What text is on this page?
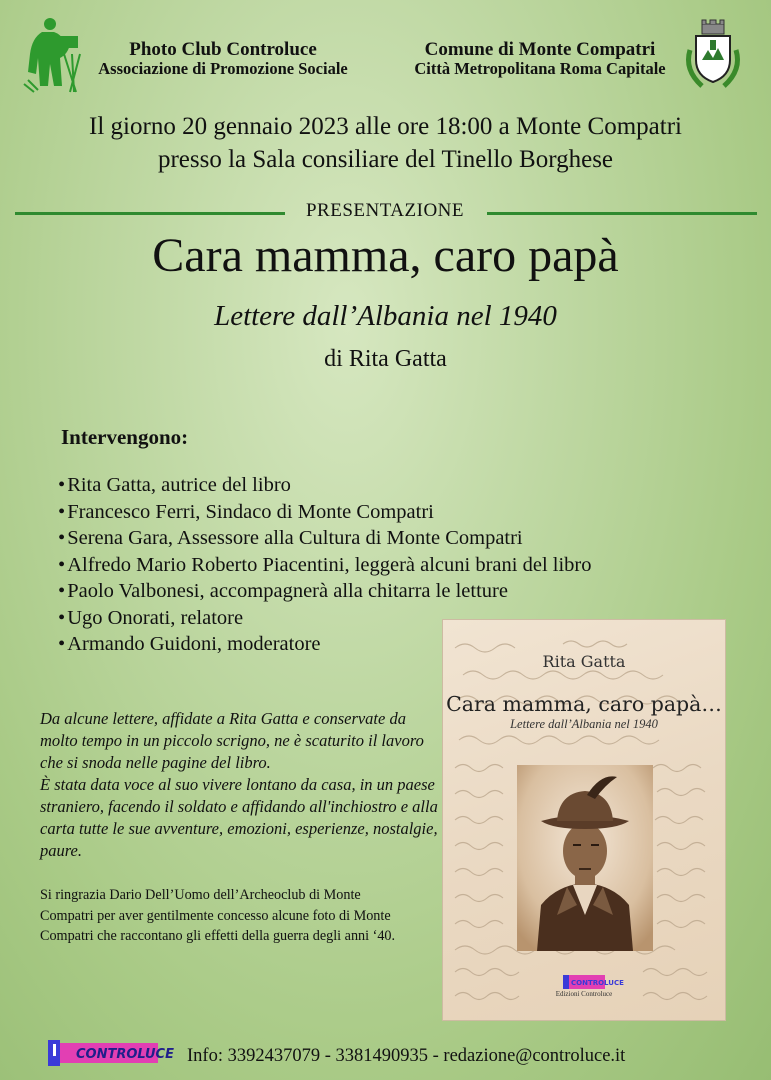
Photo Club Controluce
Associazione di Promozione Sociale
Comune di Monte Compatri
Città Metropolitana Roma Capitale
Il giorno 20 gennaio 2023 alle ore 18:00 a Monte Compatri
presso la Sala consiliare del Tinello Borghese
PRESENTAZIONE
Cara mamma, caro papà
Lettere dall’Albania nel 1940
di Rita Gatta
Intervengono:
• Rita Gatta, autrice del libro
• Francesco Ferri, Sindaco di Monte Compatri
• Serena Gara, Assessore alla Cultura di Monte Compatri
• Alfredo Mario Roberto Piacentini, leggerà alcuni brani del libro
• Paolo Valbonesi, accompagnerà alla chitarra le letture
• Ugo Onorati, relatore
• Armando Guidoni, moderatore

Da alcune lettere, affidate a Rita Gatta e conservate da molto tempo in un piccolo scrigno, ne è scaturito il lavoro che si snoda nelle pagine del libro.

È stata data voce al suo vivere lontano da casa, in un paese straniero, facendo il soldato e affidando all'inchiostro e alla carta tutte le sue avventure, emozioni, esperienze, nostalgie, paure.

Si ringrazia Dario Dell’Uomo dell’Archeoclub di Monte Compatri per aver gentilmente concesso alcune foto di Monte Compatri che raccontano gli effetti della guerra degli anni ‘40.
Rita Gatta
Cara mamma, caro papà…
Lettere dall’Albania nel 1940
CONTROLUCE
Edizioni Controluce
CONTROLUCE Info: 3392437079 - 3381490935 - redazione@controluce.it
